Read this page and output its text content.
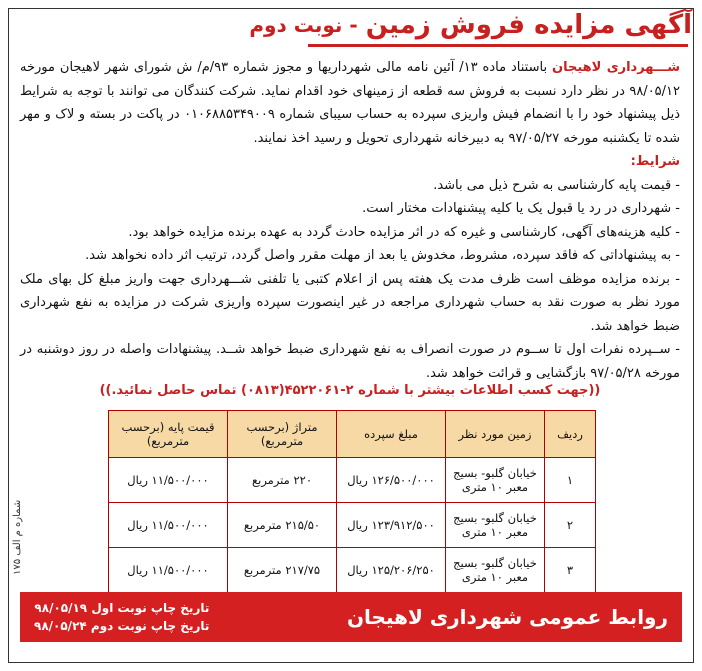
آگهی مزایده فروش زمین
- نوبت دوم

شـــهرداری لاهیجان باستناد ماده ۱۳/ آئین نامه مالی شهرداریها و مجوز شماره ۹۳/م/ ش شورای شهر لاهیجان مورخه ۹۸/۰۵/۱۲ در نظر دارد نسبت به فروش سه قطعه از زمینهای خود اقدام نماید. شرکت کنندگان می توانند با توجه به شرایط ذیل پیشنهاد خود را با انضمام فیش واریزی سپرده به حساب سیبای شماره ۰۱۰۶۸۸۵۳۴۹۰۰۹ در پاکت در بسته و لاک و مهر شده تا یکشنبه مورخه ۹۷/۰۵/۲۷ به دبیرخانه شهرداری تحویل و رسید اخذ نمایند.

شرایط:

- قیمت پایه کارشناسی به شرح ذیل می باشد.

- شهرداری در رد یا قبول یک یا کلیه پیشنهادات مختار است.

- کلیه هزینه‌های آگهی، کارشناسی و غیره که در اثر مزایده حادث گردد به عهده برنده مزایده خواهد بود.

- به پیشنهاداتی که فاقد سپرده، مشروط، مخدوش یا بعد از مهلت مقرر واصل گردد، ترتیب اثر داده نخواهد شد.

- برنده مزایده موظف است ظرف مدت یک هفته پس از اعلام کتبی یا تلفنی شـــهرداری جهت واریز مبلغ کل بهای ملک مورد نظر به صورت نقد به حساب شهرداری مراجعه در غیر اینصورت سپرده واریزی شرکت در مزایده به نفع شهرداری ضبط خواهد شد.

- ســپرده نفرات اول تا ســوم در صورت انصراف به نفع شهرداری ضبط خواهد شــد. پیشنهادات واصله در روز دوشنبه در مورخه ۹۷/۰۵/۲۸ بازگشایی و قرائت خواهد شد.

((جهت کسب اطلاعات بیشتر با شماره ۲-۴۵۲۲۰۶۱(۰۸۱۳) تماس حاصل نمائید.))
ردیف	زمین مورد نظر	مبلغ سپرده	متراژ (برحسب مترمربع)	قیمت پایه (برحسب مترمربع)
۱	خیابان گلبو- بسیج معبر ۱۰ متری	۱۲۶/۵۰۰/۰۰۰ ریال	۲۲۰ مترمربع	۱۱/۵۰۰/۰۰۰ ریال
۲	خیابان گلبو- بسیج معبر ۱۰ متری	۱۲۳/۹۱۲/۵۰۰ ریال	۲۱۵/۵۰ مترمربع	۱۱/۵۰۰/۰۰۰ ریال
۳	خیابان گلبو- بسیج معبر ۱۰ متری	۱۲۵/۲۰۶/۲۵۰ ریال	۲۱۷/۷۵ مترمربع	۱۱/۵۰۰/۰۰۰ ریال
شماره م الف ۱۷۵
روابط عمومی شهرداری لاهیجان
تاریخ چاپ نوبت اول ۹۸/۰۵/۱۹
تاریخ چاپ نوبت دوم ۹۸/۰۵/۲۴
